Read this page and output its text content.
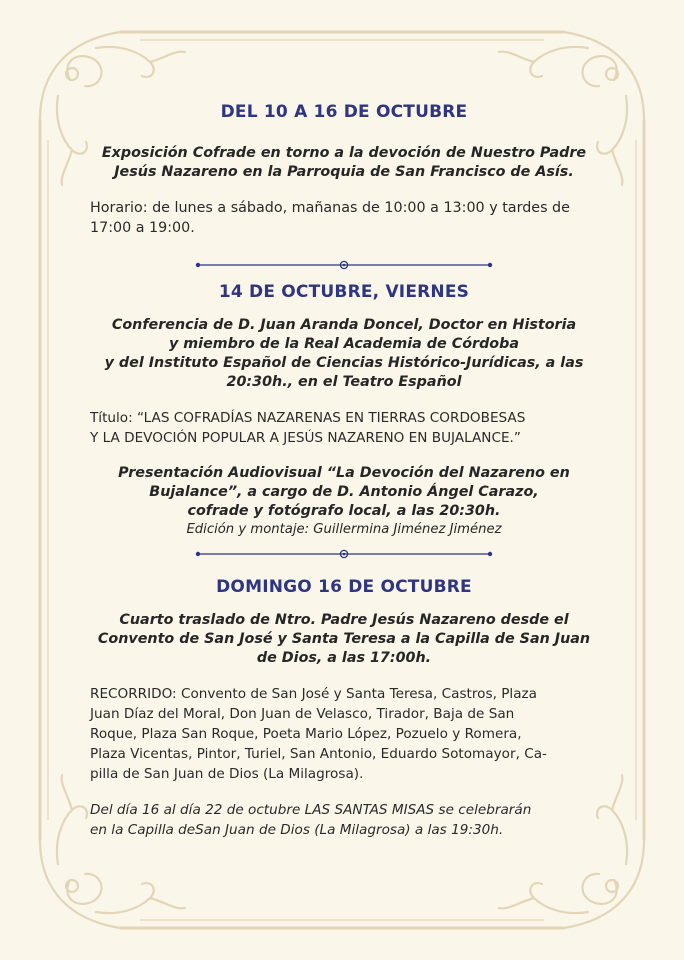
DEL 10 A 16 DE OCTUBRE

Exposición Cofrade en torno a la devoción de Nuestro Padre

Jesús Nazareno en la Parroquia de San Francisco de Asís.

Horario: de lunes a sábado, mañanas de 10:00 a 13:00 y tardes de

17:00 a 19:00.

14 DE OCTUBRE, VIERNES

Conferencia de D. Juan Aranda Doncel, Doctor en Historia

y miembro de la Real Academia de Córdoba

y del Instituto Español de Ciencias Histórico-Jurídicas, a las

20:30h., en el Teatro Español

Título: “LAS COFRADÍAS NAZARENAS EN TIERRAS CORDOBESAS

Y LA DEVOCIÓN POPULAR A JESÚS NAZARENO EN BUJALANCE.”

Presentación Audiovisual “La Devoción del Nazareno en

Bujalance”, a cargo de D. Antonio Ángel Carazo,

cofrade y fotógrafo local, a las 20:30h.

Edición y montaje: Guillermina Jiménez Jiménez

DOMINGO 16 DE OCTUBRE

Cuarto traslado de Ntro. Padre Jesús Nazareno desde el

Convento de San José y Santa Teresa a la Capilla de San Juan

de Dios, a las 17:00h.

RECORRIDO: Convento de San José y Santa Teresa, Castros, Plaza

Juan Díaz del Moral, Don Juan de Velasco, Tirador, Baja de San

Roque, Plaza San Roque, Poeta Mario López, Pozuelo y Romera,

Plaza Vicentas, Pintor, Turiel, San Antonio, Eduardo Sotomayor, Ca-

pilla de San Juan de Dios (La Milagrosa).

Del día 16 al día 22 de octubre LAS SANTAS MISAS se celebrarán

en la Capilla deSan Juan de Dios (La Milagrosa) a las 19:30h.
